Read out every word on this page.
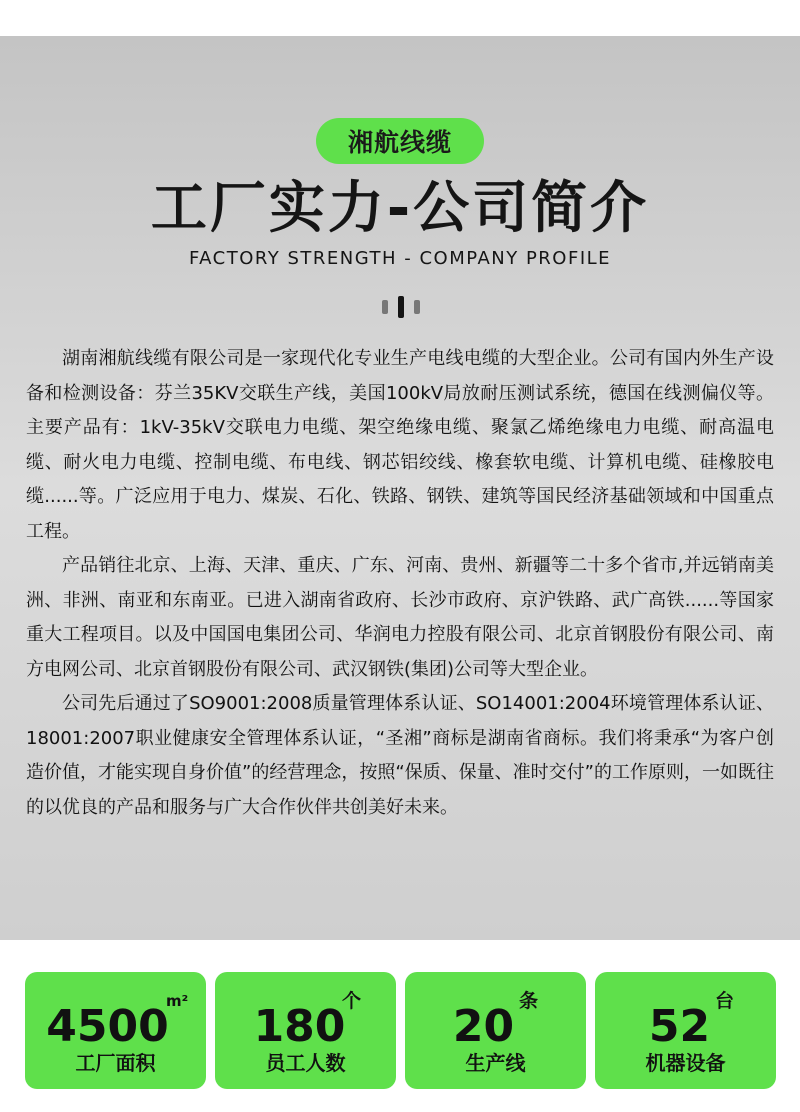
湘航线缆
工厂实力-公司简介
FACTORY STRENGTH - COMPANY PROFILE

湖南湘航线缆有限公司是一家现代化专业生产电线电缆的大型企业。公司有国内外生产设备和检测设备：芬兰35KV交联生产线，美国100kV局放耐压测试系统，德国在线测偏仪等。主要产品有：1kV-35kV交联电力电缆、架空绝缘电缆、聚氯乙烯绝缘电力电缆、耐高温电缆、耐火电力电缆、控制电缆、布电线、钢芯铝绞线、橡套软电缆、计算机电缆、硅橡胶电缆......等。广泛应用于电力、煤炭、石化、铁路、钢铁、建筑等国民经济基础领域和中国重点工程。

产品销往北京、上海、天津、重庆、广东、河南、贵州、新疆等二十多个省市,并远销南美洲、非洲、南亚和东南亚。已进入湖南省政府、长沙市政府、京沪铁路、武广高铁......等国家重大工程项目。以及中国国电集团公司、华润电力控股有限公司、北京首钢股份有限公司、南方电网公司、北京首钢股份有限公司、武汉钢铁(集团)公司等大型企业。

公司先后通过了SO9001:2008质量管理体系认证、SO14001:2004环境管理体系认证、18001:2007职业健康安全管理体系认证，“圣湘”商标是湖南省商标。我们将秉承“为客户创造价值，才能实现自身价值”的经营理念，按照“保质、保量、准时交付”的工作原则，一如既往的以优良的产品和服务与广大合作伙伴共创美好未来。

4500
m²
工厂面积
180
个
员工人数
20 条
生产线
52 台
机器设备
